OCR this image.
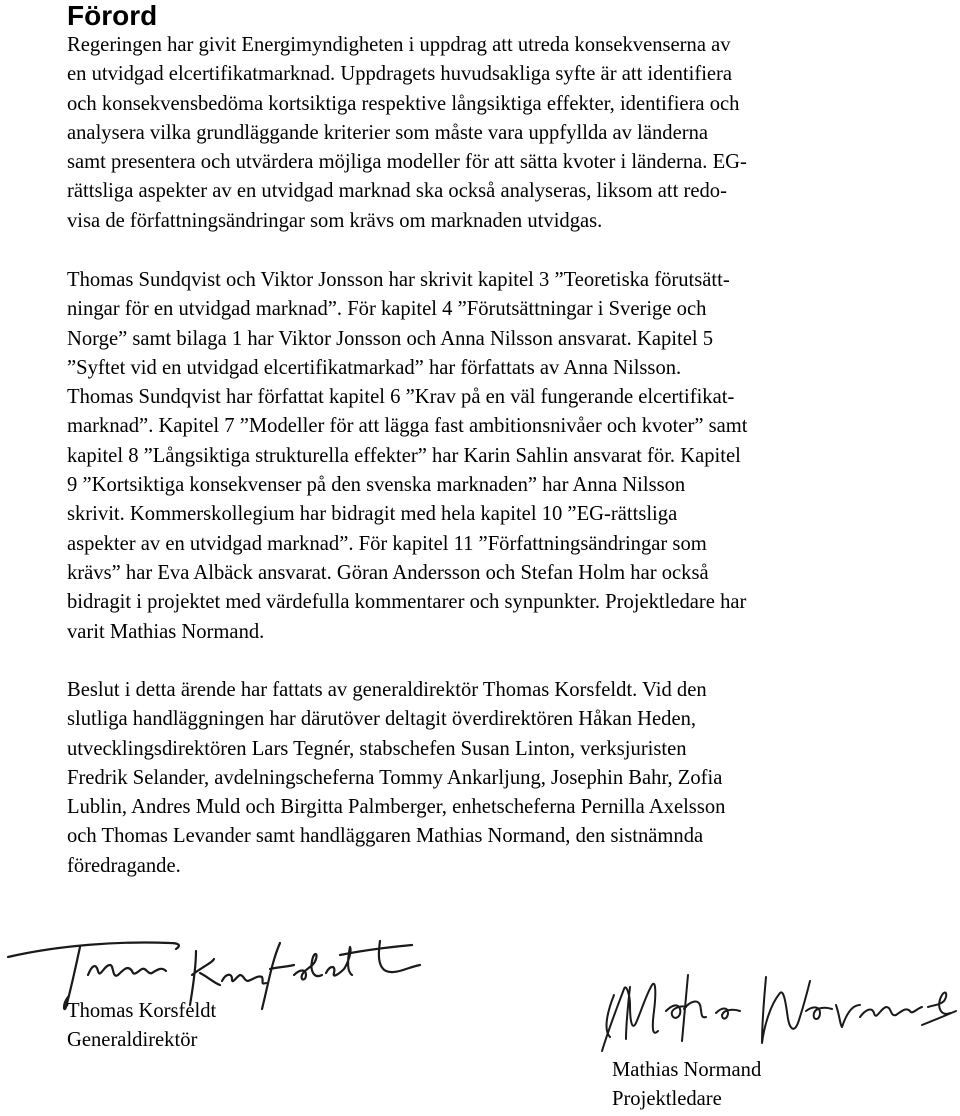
Förord

Regeringen har givit Energimyndigheten i uppdrag att utreda konsekvenserna av
en utvidgad elcertifikatmarknad. Uppdragets huvudsakliga syfte är att identifiera
och konsekvensbedöma kortsiktiga respektive långsiktiga effekter, identifiera och
analysera vilka grundläggande kriterier som måste vara uppfyllda av länderna
samt presentera och utvärdera möjliga modeller för att sätta kvoter i länderna. EG-
rättsliga aspekter av en utvidgad marknad ska också analyseras, liksom att redo-
visa de författningsändringar som krävs om marknaden utvidgas.

Thomas Sundqvist och Viktor Jonsson har skrivit kapitel 3 ”Teoretiska förutsätt-
ningar för en utvidgad marknad”. För kapitel 4 ”Förutsättningar i Sverige och
Norge” samt bilaga 1 har Viktor Jonsson och Anna Nilsson ansvarat. Kapitel 5
”Syftet vid en utvidgad elcertifikatmarkad” har författats av Anna Nilsson.
Thomas Sundqvist har författat kapitel 6 ”Krav på en väl fungerande elcertifikat-
marknad”. Kapitel 7 ”Modeller för att lägga fast ambitionsnivåer och kvoter” samt
kapitel 8 ”Långsiktiga strukturella effekter” har Karin Sahlin ansvarat för. Kapitel
9 ”Kortsiktiga konsekvenser på den svenska marknaden” har Anna Nilsson
skrivit. Kommerskollegium har bidragit med hela kapitel 10 ”EG-rättsliga
aspekter av en utvidgad marknad”. För kapitel 11 ”Författningsändringar som
krävs” har Eva Albäck ansvarat. Göran Andersson och Stefan Holm har också
bidragit i projektet med värdefulla kommentarer och synpunkter. Projektledare har
varit Mathias Normand.

Beslut i detta ärende har fattats av generaldirektör Thomas Korsfeldt. Vid den
slutliga handläggningen har därutöver deltagit överdirektören Håkan Heden,
utvecklingsdirektören Lars Tegnér, stabschefen Susan Linton, verksjuristen
Fredrik Selander, avdelningscheferna Tommy Ankarljung, Josephin Bahr, Zofia
Lublin, Andres Muld och Birgitta Palmberger, enhetscheferna Pernilla Axelsson
och Thomas Levander samt handläggaren Mathias Normand, den sistnämnda
föredragande.

Thomas Korsfeldt
Generaldirektör
Mathias Normand
Projektledare
